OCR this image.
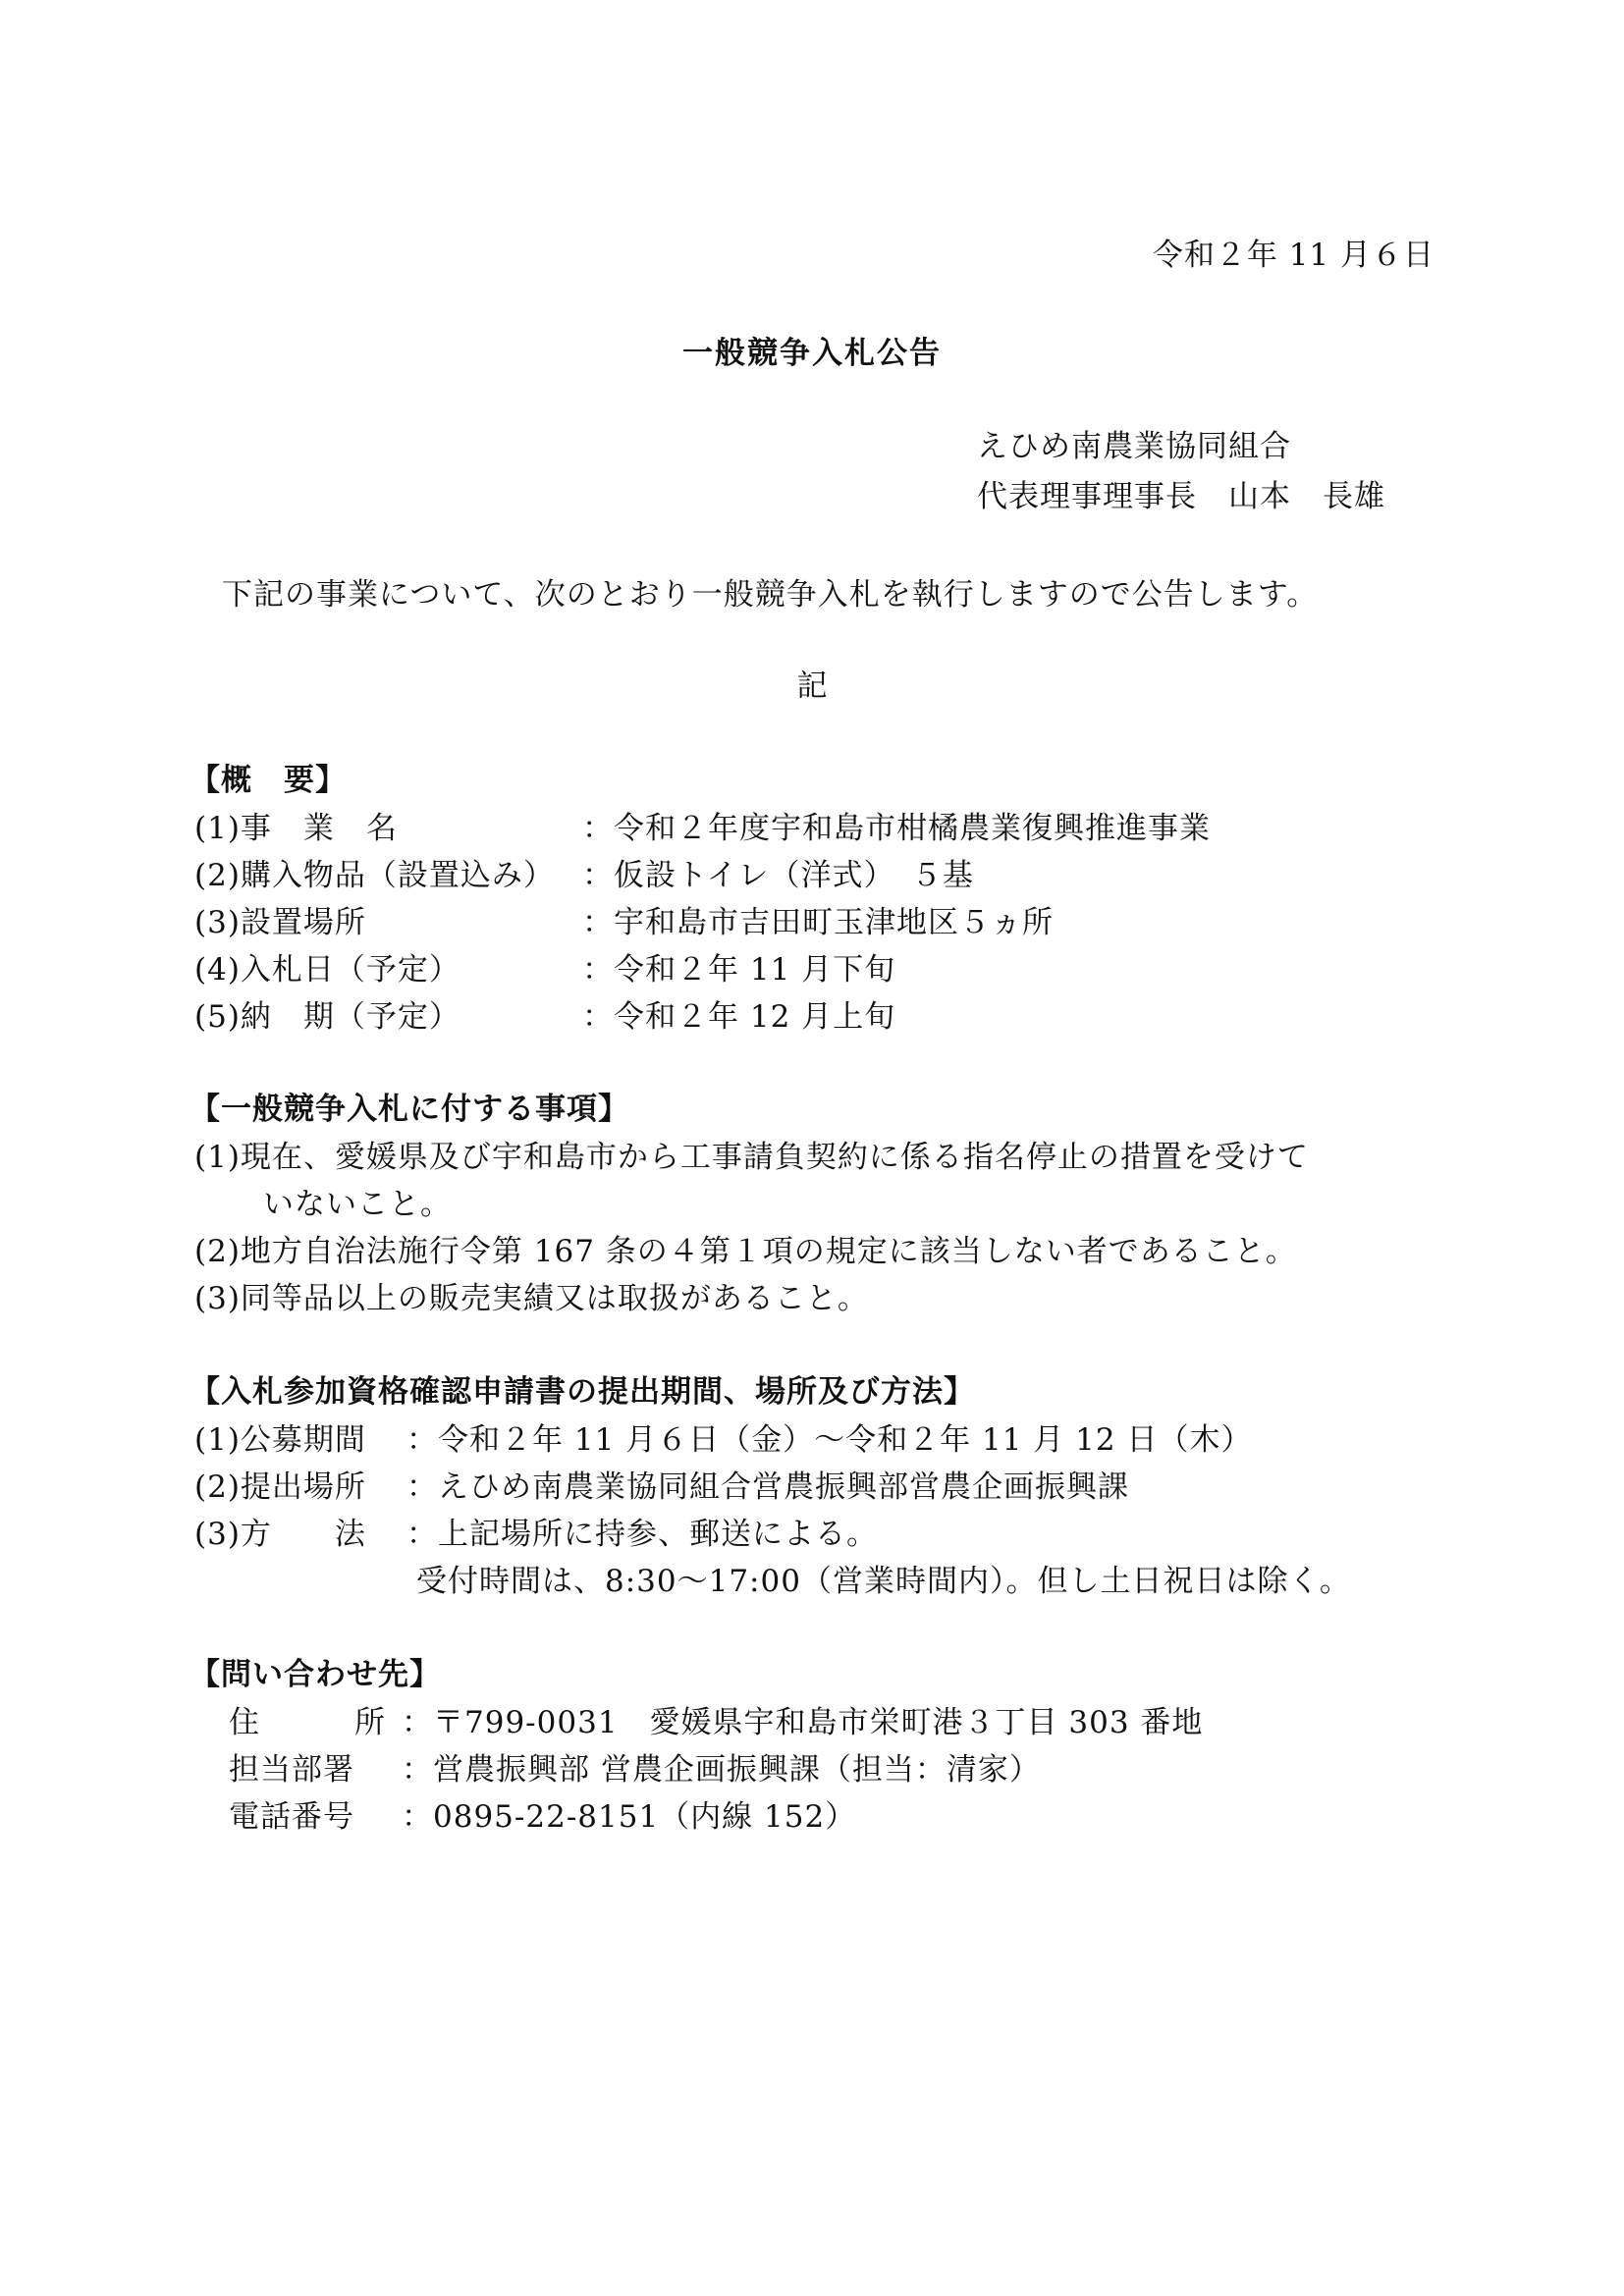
令和２年 11 月６日
一般競争入札公告
えひめ南農業協同組合
代表理事理事長　山本　長雄
下記の事業について、次のとおり一般競争入札を執行しますので公告します。
記
【概　要】
(1)事　業　名	：令和２年度宇和島市柑橘農業復興推進事業
(2)購入物品（設置込み） ：仮設トイレ（洋式）　５基
(3)設置場所	：宇和島市吉田町玉津地区５ヵ所
(4)入札日（予定）	：令和２年 11 月下旬
(5)納　期（予定）	：令和２年 12 月上旬
【一般競争入札に付する事項】
(1)現在、愛媛県及び宇和島市から工事請負契約に係る指名停止の措置を受けて
いないこと。
(2)地方自治法施行令第 167 条の４第１項の規定に該当しない者であること。
(3)同等品以上の販売実績又は取扱があること。
【入札参加資格確認申請書の提出期間、場所及び方法】
(1)公募期間 ：令和２年 11 月６日（金）～令和２年 11 月 12 日（木）
(2)提出場所 ：えひめ南農業協同組合営農振興部営農企画振興課
(3)方　　法 ：上記場所に持参、郵送による。
受付時間は、8:30～17:00（営業時間内）。但し土日祝日は除く。
【問い合わせ先】
住　　　所 ：〒799-0031　愛媛県宇和島市栄町港３丁目 303 番地
担当部署 ：営農振興部 営農企画振興課（担当：清家）
電話番号 ：0895-22-8151（内線 152）
